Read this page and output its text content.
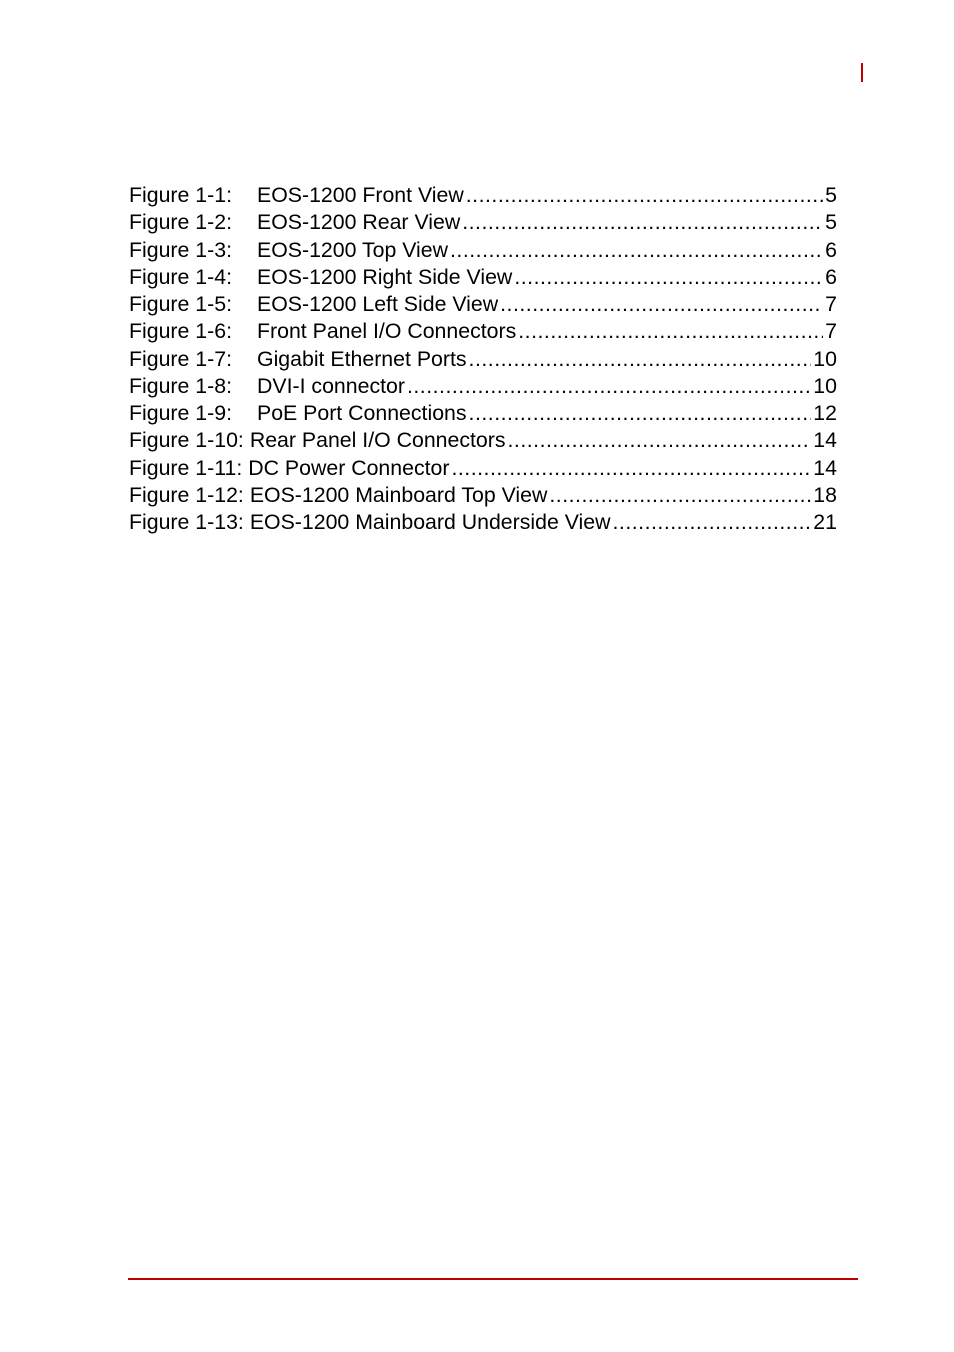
Figure 1-1:	EOS-1200 Front View .....	5
Figure 1-2:	EOS-1200 Rear View .....	5
Figure 1-3:	EOS-1200 Top View .....	6
Figure 1-4:	EOS-1200 Right Side View .....	6
Figure 1-5:	EOS-1200 Left Side View .....	7
Figure 1-6:	Front Panel I/O Connectors .....	7
Figure 1-7:	Gigabit Ethernet Ports .....	10
Figure 1-8:	DVI-I connector .....	10
Figure 1-9:	PoE Port Connections .....	12
Figure 1-10: Rear Panel I/O Connectors .....	14
Figure 1-11: DC Power Connector .....	14
Figure 1-12: EOS-1200 Mainboard Top View .....	18
Figure 1-13: EOS-1200 Mainboard Underside View .....	21
